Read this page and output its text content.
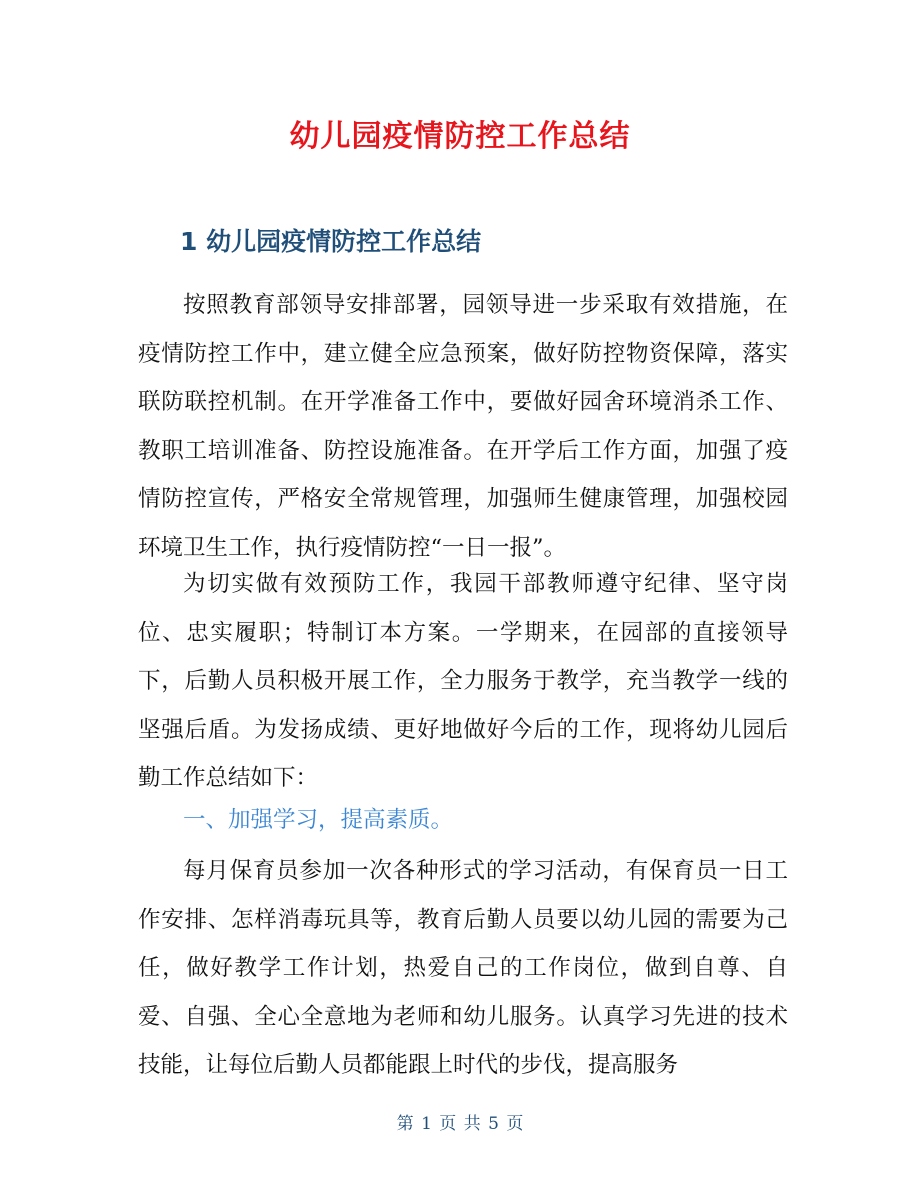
幼儿园疫情防控工作总结
1 幼儿园疫情防控工作总结

按照教育部领导安排部署，园领导进一步采取有效措施，在疫情防控工作中，建立健全应急预案，做好防控物资保障，落实联防联控机制。在开学准备工作中，要做好园舍环境消杀工作、教职工培训准备、防控设施准备。在开学后工作方面，加强了疫情防控宣传，严格安全常规管理，加强师生健康管理，加强校园环境卫生工作，执行疫情防控“一日一报”。

为切实做有效预防工作，我园干部教师遵守纪律、坚守岗位、忠实履职；特制订本方案。一学期来，在园部的直接领导下，后勤人员积极开展工作，全力服务于教学，充当教学一线的坚强后盾。为发扬成绩、更好地做好今后的工作，现将幼儿园后勤工作总结如下：

一、加强学习，提高素质。

每月保育员参加一次各种形式的学习活动，有保育员一日工作安排、怎样消毒玩具等，教育后勤人员要以幼儿园的需要为己任，做好教学工作计划，热爱自己的工作岗位，做到自尊、自爱、自强、全心全意地为老师和幼儿服务。认真学习先进的技术技能，让每位后勤人员都能跟上时代的步伐，提高服务

第 1 页 共 5 页
